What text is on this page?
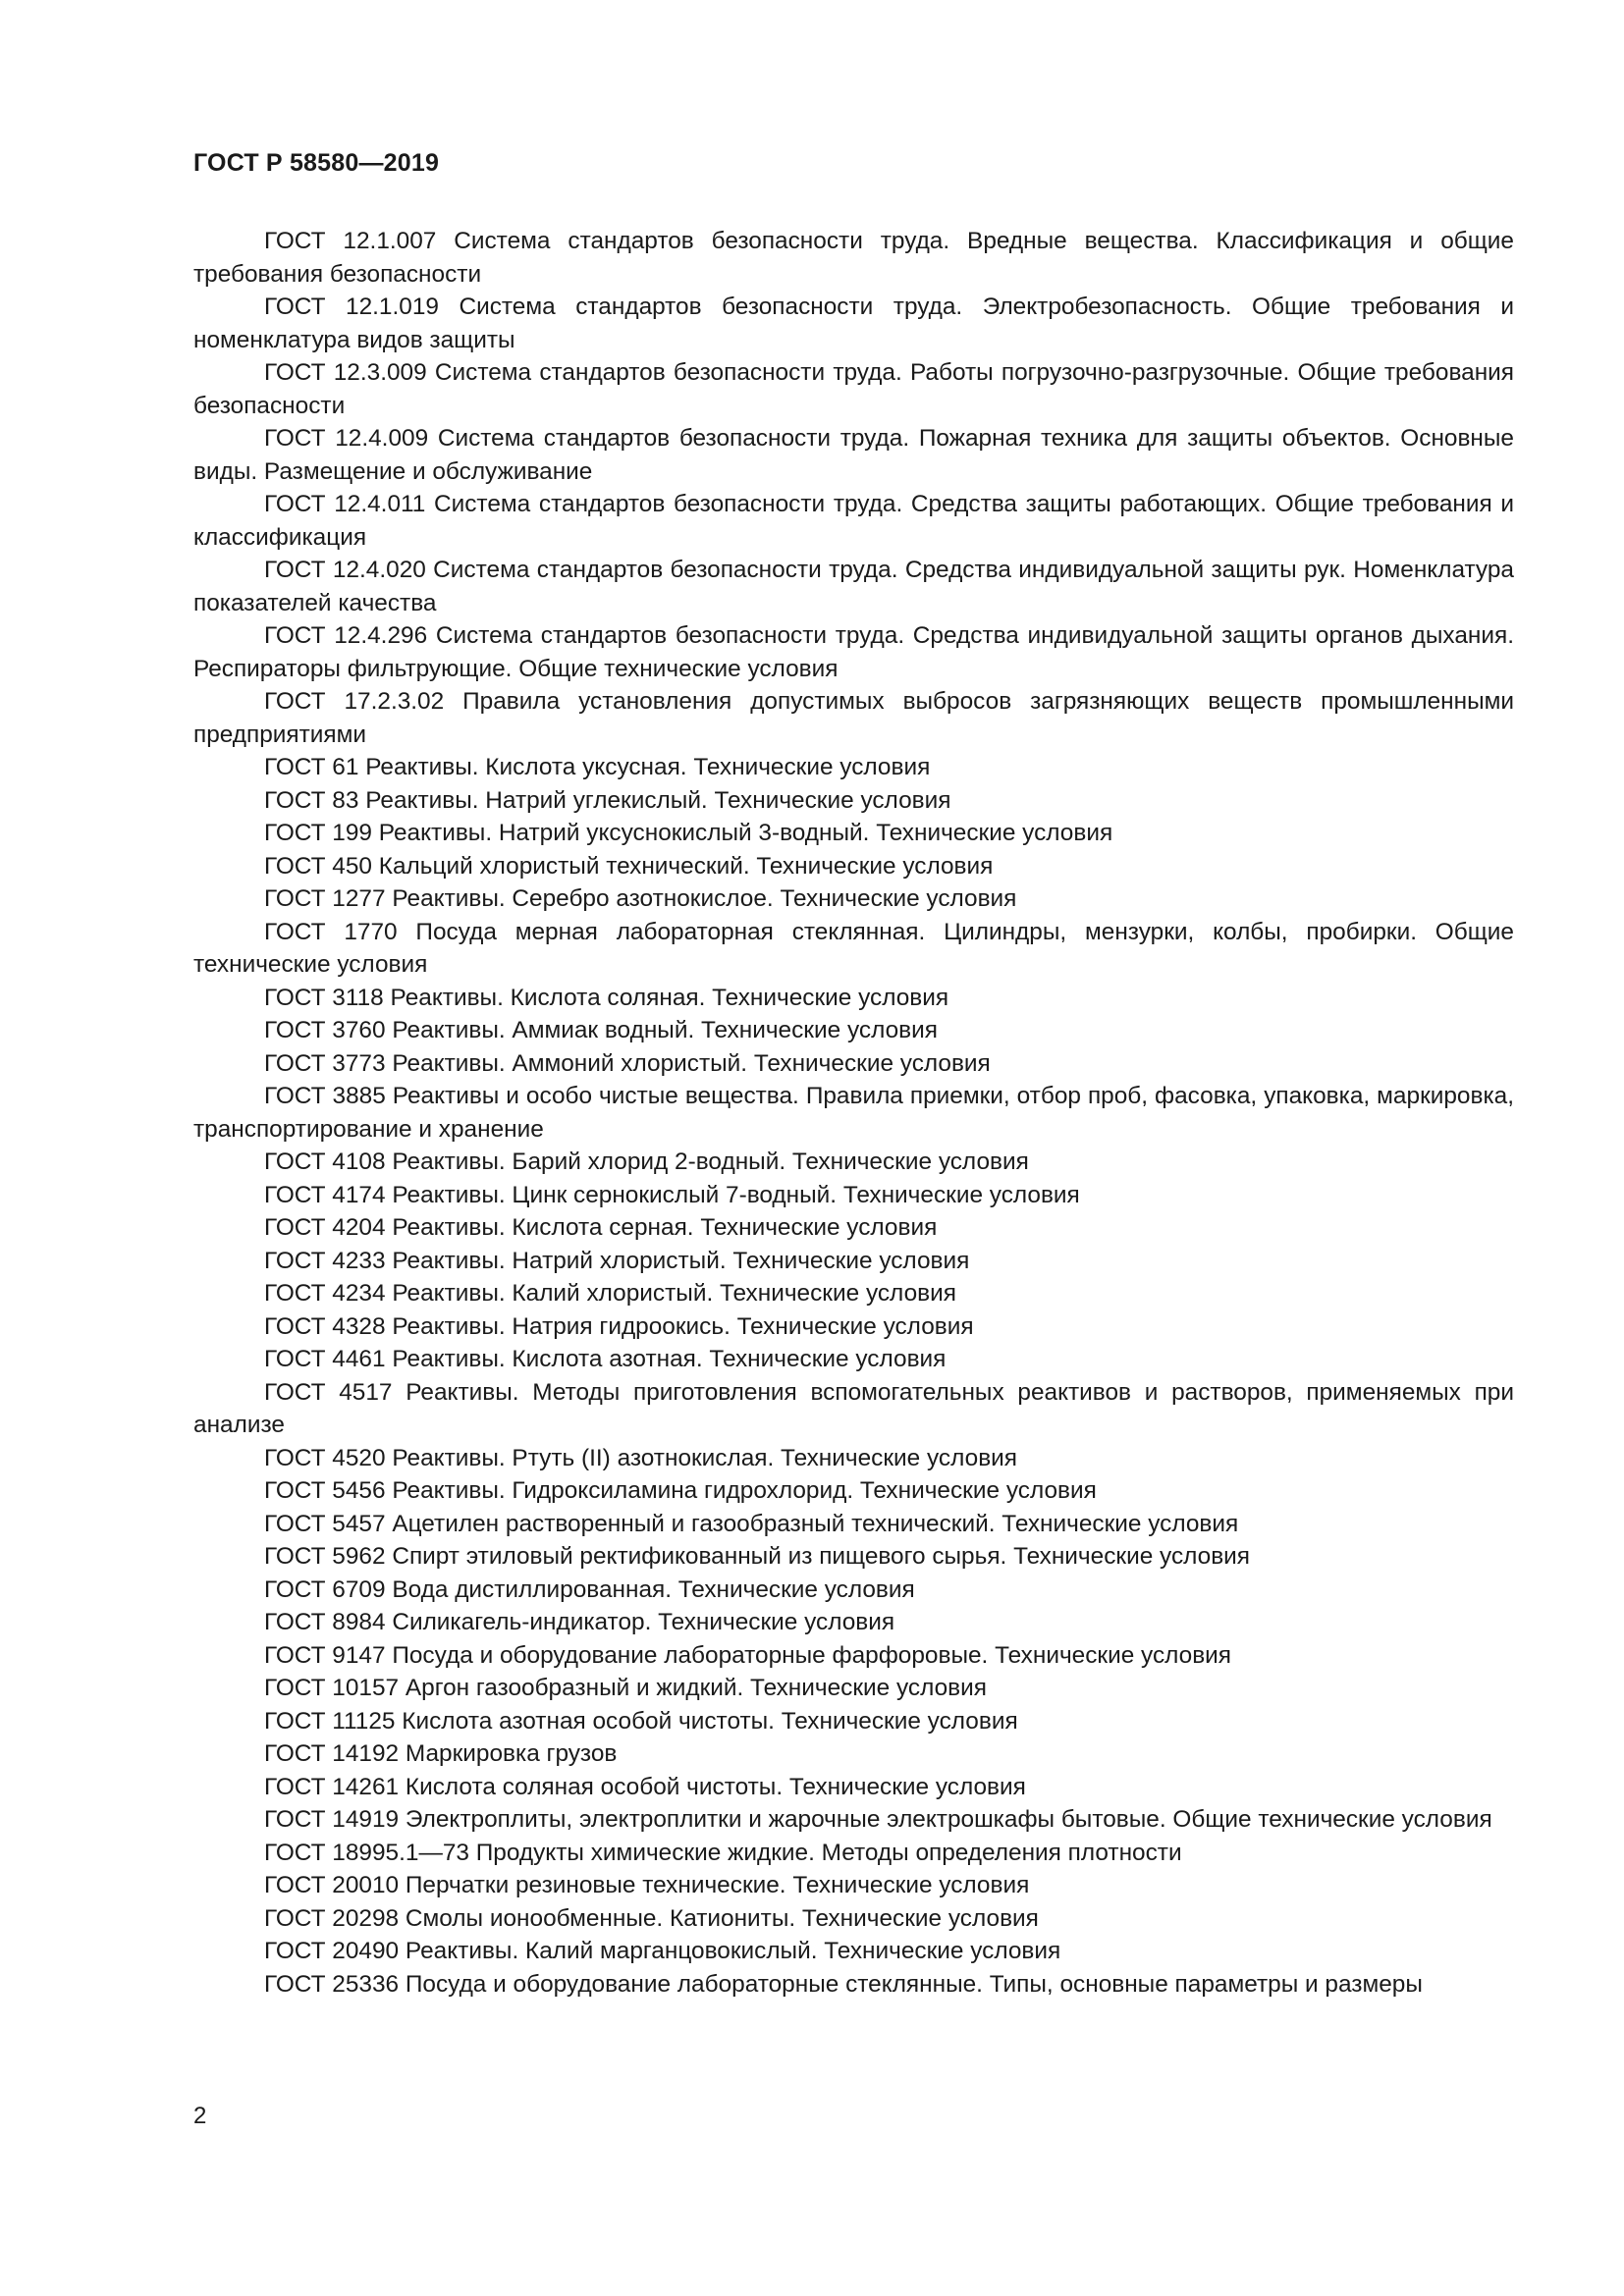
ГОСТ Р 58580—2019

ГОСТ 12.1.007 Система стандартов безопасности труда. Вредные вещества. Классификация и общие требования безопасности

ГОСТ 12.1.019 Система стандартов безопасности труда. Электробезопасность. Общие требования и номенклатура видов защиты

ГОСТ 12.3.009 Система стандартов безопасности труда. Работы погрузочно-разгрузочные. Общие требования безопасности

ГОСТ 12.4.009 Система стандартов безопасности труда. Пожарная техника для защиты объектов. Основные виды. Размещение и обслуживание

ГОСТ 12.4.011 Система стандартов безопасности труда. Средства защиты работающих. Общие требования и классификация

ГОСТ 12.4.020 Система стандартов безопасности труда. Средства индивидуальной защиты рук. Номенклатура показателей качества

ГОСТ 12.4.296 Система стандартов безопасности труда. Средства индивидуальной защиты органов дыхания. Респираторы фильтрующие. Общие технические условия

ГОСТ 17.2.3.02 Правила установления допустимых выбросов загрязняющих веществ промышленными предприятиями

ГОСТ 61 Реактивы. Кислота уксусная. Технические условия

ГОСТ 83 Реактивы. Натрий углекислый. Технические условия

ГОСТ 199 Реактивы. Натрий уксуснокислый 3-водный. Технические условия

ГОСТ 450 Кальций хлористый технический. Технические условия

ГОСТ 1277 Реактивы. Серебро азотнокислое. Технические условия

ГОСТ 1770 Посуда мерная лабораторная стеклянная. Цилиндры, мензурки, колбы, пробирки. Общие технические условия

ГОСТ 3118 Реактивы. Кислота соляная. Технические условия

ГОСТ 3760 Реактивы. Аммиак водный. Технические условия

ГОСТ 3773 Реактивы. Аммоний хлористый. Технические условия

ГОСТ 3885 Реактивы и особо чистые вещества. Правила приемки, отбор проб, фасовка, упаковка, маркировка, транспортирование и хранение

ГОСТ 4108 Реактивы. Барий хлорид 2-водный. Технические условия

ГОСТ 4174 Реактивы. Цинк сернокислый 7-водный. Технические условия

ГОСТ 4204 Реактивы. Кислота серная. Технические условия

ГОСТ 4233 Реактивы. Натрий хлористый. Технические условия

ГОСТ 4234 Реактивы. Калий хлористый. Технические условия

ГОСТ 4328 Реактивы. Натрия гидроокись. Технические условия

ГОСТ 4461 Реактивы. Кислота азотная. Технические условия

ГОСТ 4517 Реактивы. Методы приготовления вспомогательных реактивов и растворов, применяемых при анализе

ГОСТ 4520 Реактивы. Ртуть (II) азотнокислая. Технические условия

ГОСТ 5456 Реактивы. Гидроксиламина гидрохлорид. Технические условия

ГОСТ 5457 Ацетилен растворенный и газообразный технический. Технические условия

ГОСТ 5962 Спирт этиловый ректификованный из пищевого сырья. Технические условия

ГОСТ 6709 Вода дистиллированная. Технические условия

ГОСТ 8984 Силикагель-индикатор. Технические условия

ГОСТ 9147 Посуда и оборудование лабораторные фарфоровые. Технические условия

ГОСТ 10157 Аргон газообразный и жидкий. Технические условия

ГОСТ 11125 Кислота азотная особой чистоты. Технические условия

ГОСТ 14192 Маркировка грузов

ГОСТ 14261 Кислота соляная особой чистоты. Технические условия

ГОСТ 14919 Электроплиты, электроплитки и жарочные электрошкафы бытовые. Общие технические условия

ГОСТ 18995.1—73 Продукты химические жидкие. Методы определения плотности

ГОСТ 20010 Перчатки резиновые технические. Технические условия

ГОСТ 20298 Смолы ионообменные. Катиониты. Технические условия

ГОСТ 20490 Реактивы. Калий марганцовокислый. Технические условия

ГОСТ 25336 Посуда и оборудование лабораторные стеклянные. Типы, основные параметры и размеры

2
